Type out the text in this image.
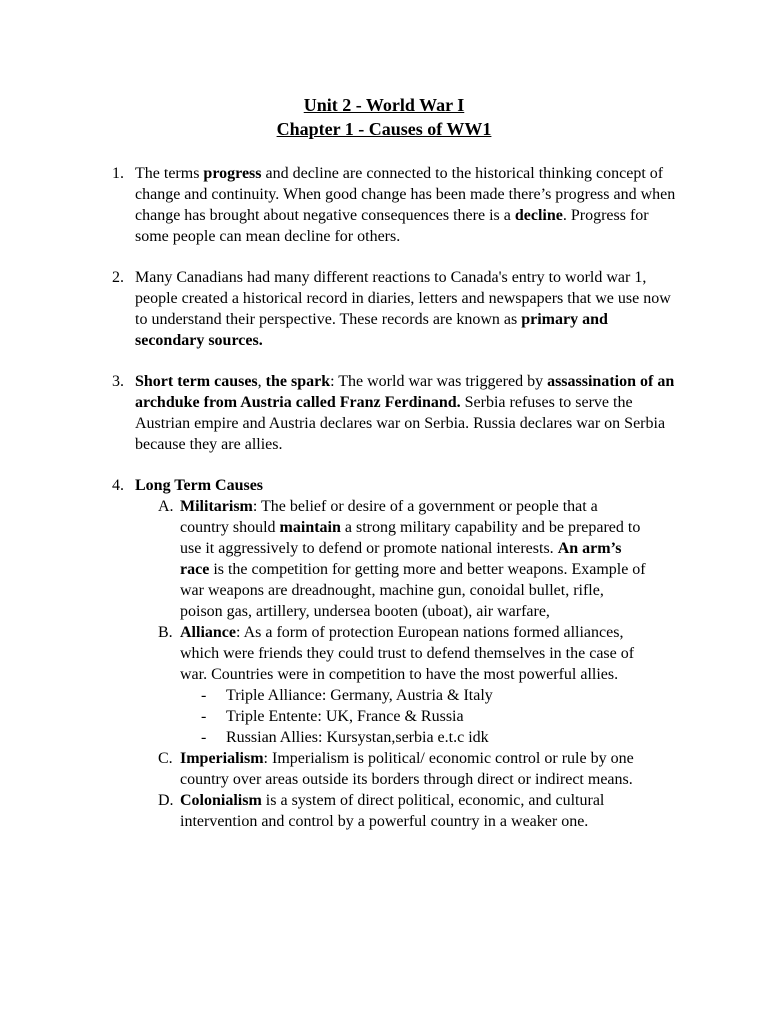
Unit 2 - World War I
Chapter 1 - Causes of WW1
1. The terms progress and decline are connected to the historical thinking concept of change and continuity. When good change has been made there’s progress and when change has brought about negative consequences there is a decline. Progress for some people can mean decline for others.
2. Many Canadians had many different reactions to Canada's entry to world war 1, people created a historical record in diaries, letters and newspapers that we use now to understand their perspective. These records are known as primary and secondary sources.
3. Short term causes, the spark: The world war was triggered by assassination of an archduke from Austria called Franz Ferdinand. Serbia refuses to serve the Austrian empire and Austria declares war on Serbia. Russia declares war on Serbia because they are allies.
4. Long Term Causes
A. Militarism: The belief or desire of a government or people that a country should maintain a strong military capability and be prepared to use it aggressively to defend or promote national interests. An arm’s race is the competition for getting more and better weapons. Example of war weapons are dreadnought, machine gun, conoidal bullet, rifle, poison gas, artillery, undersea booten (uboat), air warfare,
B. Alliance: As a form of protection European nations formed alliances, which were friends they could trust to defend themselves in the case of war. Countries were in competition to have the most powerful allies.
- Triple Alliance: Germany, Austria & Italy
- Triple Entente: UK, France & Russia
- Russian Allies: Kursystan,serbia e.t.c idk
C. Imperialism: Imperialism is political/ economic control or rule by one country over areas outside its borders through direct or indirect means.
D. Colonialism is a system of direct political, economic, and cultural intervention and control by a powerful country in a weaker one.
